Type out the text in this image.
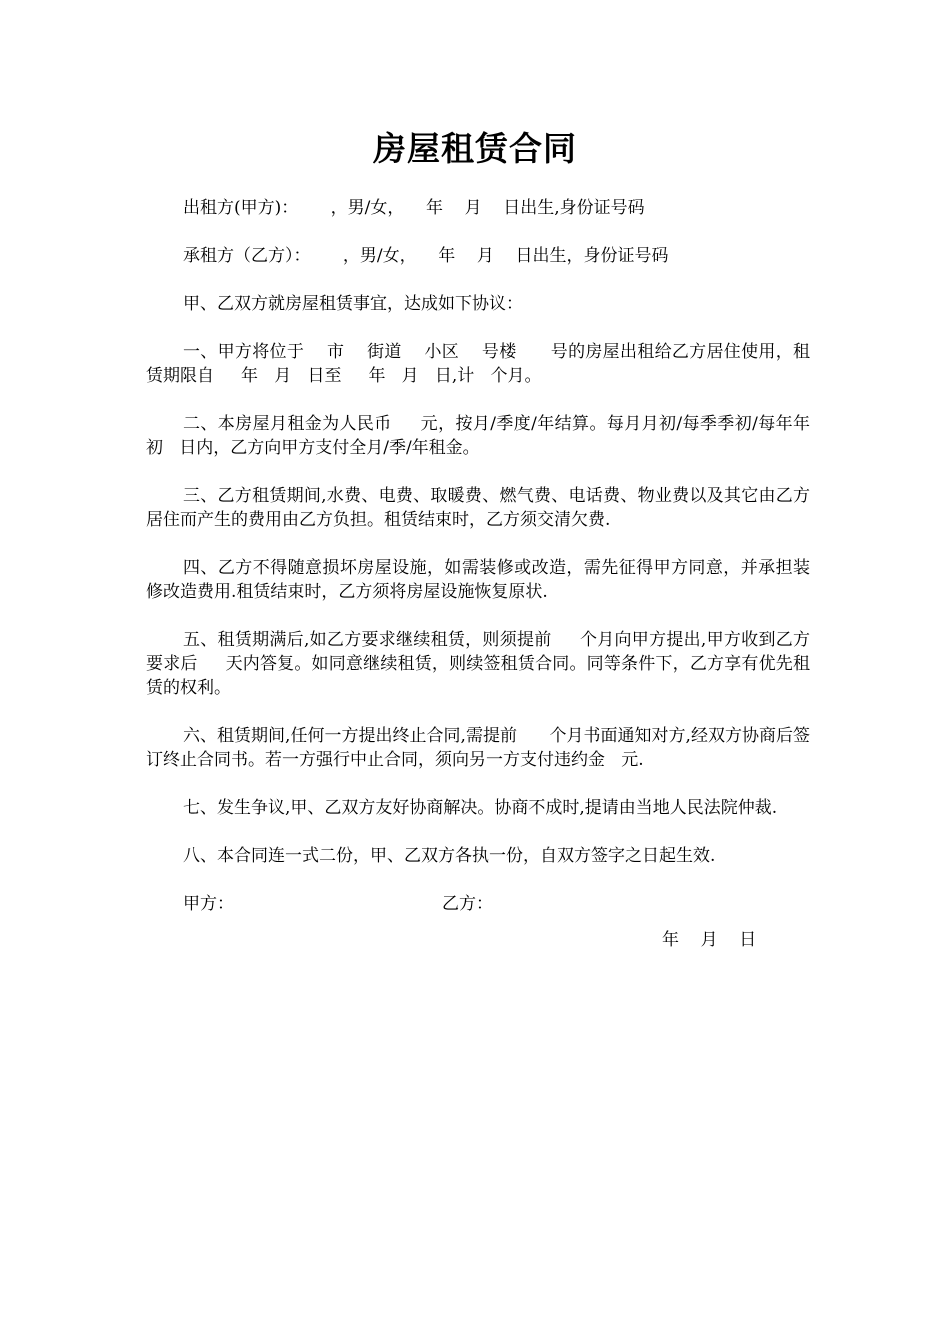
房屋租赁合同

出租方(甲方)：      ，男/女，    年    月    日出生,身份证号码

承租方（乙方）：      ，男/女，    年    月    日出生，身份证号码

甲、乙双方就房屋租赁事宜，达成如下协议：

一、甲方将位于    市    街道    小区    号楼      号的房屋出租给乙方居住使用，租赁期限自     年   月   日至     年   月   日,计   个月。

二、本房屋月租金为人民币     元，按月/季度/年结算。每月月初/每季季初/每年年初   日内，乙方向甲方支付全月/季/年租金。

三、乙方租赁期间,水费、电费、取暖费、燃气费、电话费、物业费以及其它由乙方居住而产生的费用由乙方负担。租赁结束时，乙方须交清欠费.

四、乙方不得随意损坏房屋设施，如需装修或改造，需先征得甲方同意，并承担装修改造费用.租赁结束时，乙方须将房屋设施恢复原状.

五、租赁期满后,如乙方要求继续租赁，则须提前     个月向甲方提出,甲方收到乙方要求后     天内答复。如同意继续租赁，则续签租赁合同。同等条件下，乙方享有优先租赁的权利。

六、租赁期间,任何一方提出终止合同,需提前      个月书面通知对方,经双方协商后签订终止合同书。若一方强行中止合同，须向另一方支付违约金   元.

七、发生争议,甲、乙双方友好协商解决。协商不成时,提请由当地人民法院仲裁.

八、本合同连一式二份，甲、乙双方各执一份，自双方签字之日起生效.

甲方：

	乙方：

年    月    日
